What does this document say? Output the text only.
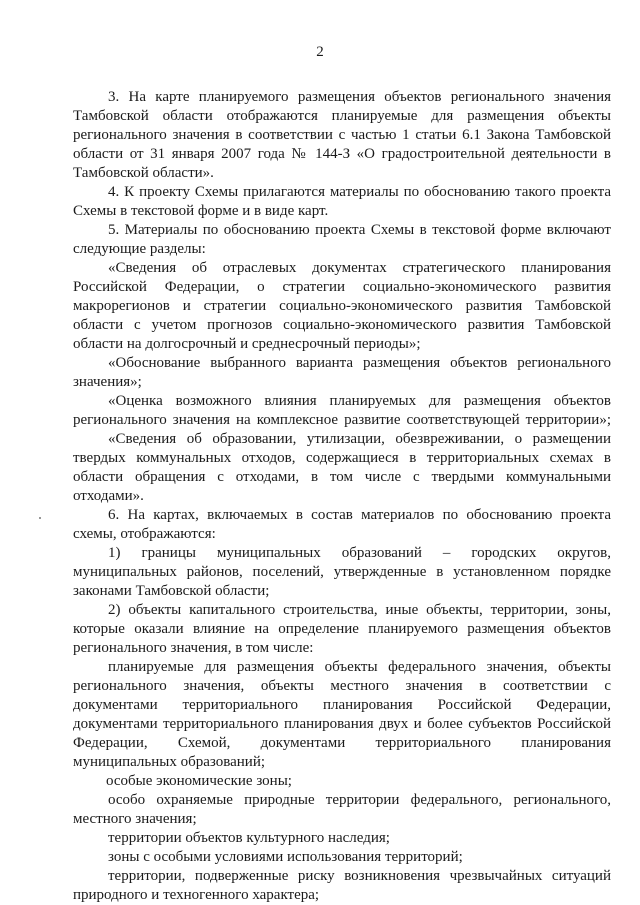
2
3. На карте планируемого размещения объектов регионального значения
Тамбовской области отображаются планируемые для размещения объекты
регионального значения в соответствии с частью 1 статьи 6.1 Закона Тамбовской
области от 31 января 2007 года № 144-З «О градостроительной деятельности в
Тамбовской области».
4. К проекту Схемы прилагаются материалы по обоснованию такого проекта
Схемы в текстовой форме и в виде карт.
5. Материалы по обоснованию проекта Схемы в текстовой форме включают
следующие разделы:
«Сведения об отраслевых документах стратегического планирования
Российской Федерации, о стратегии социально-экономического развития
макрорегионов и стратегии социально-экономического развития Тамбовской
области с учетом прогнозов социально-экономического развития Тамбовской
области на долгосрочный и среднесрочный периоды»;
«Обоснование выбранного варианта размещения объектов регионального
значения»;
«Оценка возможного влияния планируемых для размещения объектов
регионального значения на комплексное развитие соответствующей территории»;
«Сведения об образовании, утилизации, обезвреживании, о размещении
твердых коммунальных отходов, содержащиеся в территориальных схемах в
области обращения с отходами, в том числе с твердыми коммунальными
отходами».
6. На картах, включаемых в состав материалов по обоснованию проекта
схемы, отображаются:
1) границы муниципальных образований – городских округов,
муниципальных районов, поселений, утвержденные в установленном порядке
законами Тамбовской области;
2) объекты капитального строительства, иные объекты, территории, зоны,
которые оказали влияние на определение планируемого размещения объектов
регионального значения, в том числе:
планируемые для размещения объекты федерального значения, объекты
регионального значения, объекты местного значения в соответствии с
документами территориального планирования Российской Федерации,
документами территориального планирования двух и более субъектов Российской
Федерации, Схемой, документами территориального планирования
муниципальных образований;
особые экономические зоны;
особо охраняемые природные территории федерального, регионального,
местного значения;
территории объектов культурного наследия;
зоны с особыми условиями использования территорий;
территории, подверженные риску возникновения чрезвычайных ситуаций
природного и техногенного характера;
